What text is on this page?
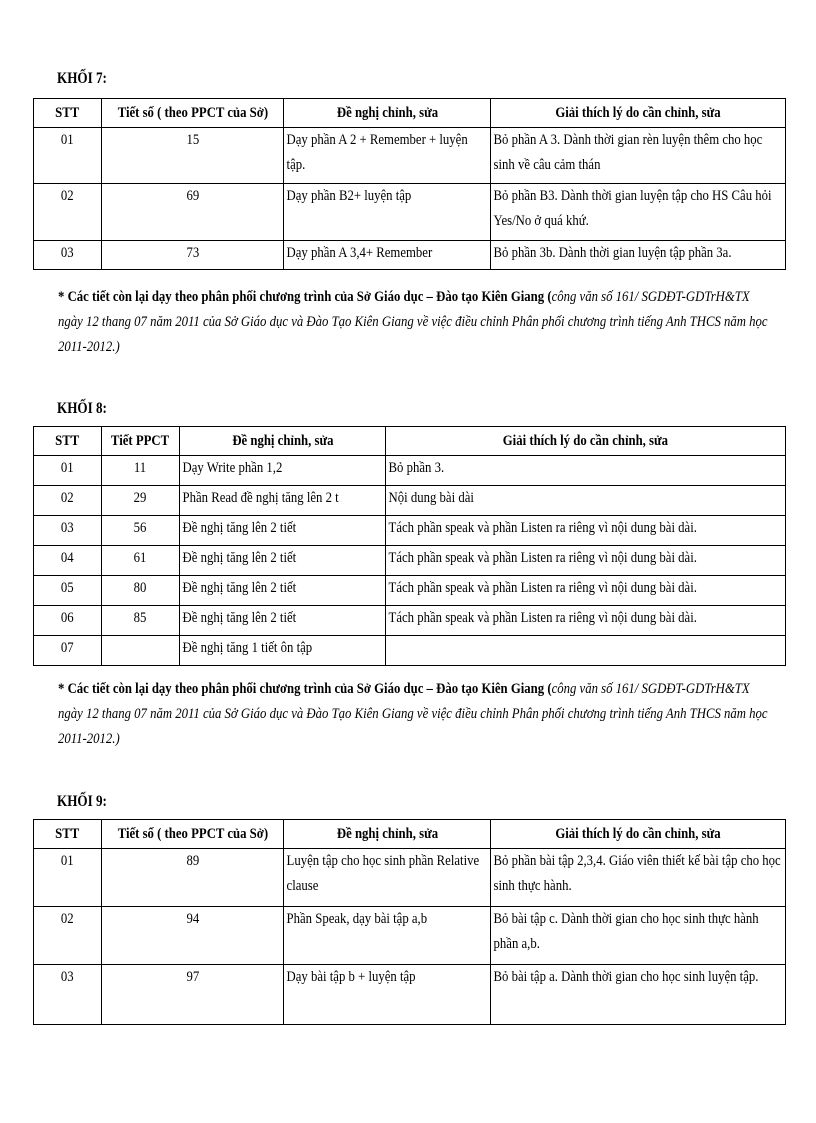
KHỐI 7:
STT	Tiết số ( theo PPCT của Sở)	Đề nghị chỉnh, sửa	Giải thích lý do cần chỉnh, sửa

01	15	Dạy phần A 2 + Remember + luyện tập.	Bỏ phần A 3. Dành thời gian rèn luyện thêm cho học sinh về câu cảm thán

02	69	Dạy phần B2+ luyện tập	Bỏ phần B3. Dành thời gian luyện tập cho HS Câu hỏi Yes/No ở quá khứ.

03	73	Dạy phần A 3,4+ Remember	Bỏ phần 3b. Dành thời gian luyện tập phần 3a.
* Các tiết còn lại dạy theo phân phối chương trình của Sở Giáo dục – Đào tạo Kiên Giang (công văn số 161/ SGDĐT-GDTrH&TX ngày 12 thang 07 năm 2011 của Sở Giáo dục và Đào Tạo Kiên Giang về việc điều chỉnh Phân phối chương trình tiếng Anh THCS năm học 2011-2012.)
KHỐI 8:
STT	Tiết PPCT	Đề nghị chỉnh, sửa	Giải thích lý do cần chỉnh, sửa

01	11	Dạy Write phần 1,2	Bỏ phần 3.

02	29	Phần Read đề nghị tăng lên 2 t	Nội dung bài dài

03	56	Đề nghị tăng lên 2 tiết	Tách phần speak và phần Listen ra riêng vì nội dung bài dài.

04	61	Đề nghị tăng lên 2 tiết	Tách phần speak và phần Listen ra riêng vì nội dung bài dài.

05	80	Đề nghị tăng lên 2 tiết	Tách phần speak và phần Listen ra riêng vì nội dung bài dài.

06	85	Đề nghị tăng lên 2 tiết	Tách phần speak và phần Listen ra riêng vì nội dung bài dài.

07		Đề nghị tăng 1 tiết ôn tập	

* Các tiết còn lại dạy theo phân phối chương trình của Sở Giáo dục – Đào tạo Kiên Giang (công văn số 161/ SGDĐT-GDTrH&TX ngày 12 thang 07 năm 2011 của Sở Giáo dục và Đào Tạo Kiên Giang về việc điều chỉnh Phân phối chương trình tiếng Anh THCS năm học 2011-2012.)
KHỐI 9:
STT	Tiết số ( theo PPCT của Sở)	Đề nghị chỉnh, sửa	Giải thích lý do cần chỉnh, sửa

01	89	Luyện tập cho học sinh phần Relative clause	Bỏ phần bài tập 2,3,4. Giáo viên thiết kế bài tập cho học sinh thực hành.

02	94	Phần Speak, dạy bài tập a,b	Bỏ bài tập c. Dành thời gian cho học sinh thực hành phần a,b.

03	97	Dạy bài tập b + luyện tập	Bỏ bài tập a. Dành thời gian cho học sinh luyện tập.
